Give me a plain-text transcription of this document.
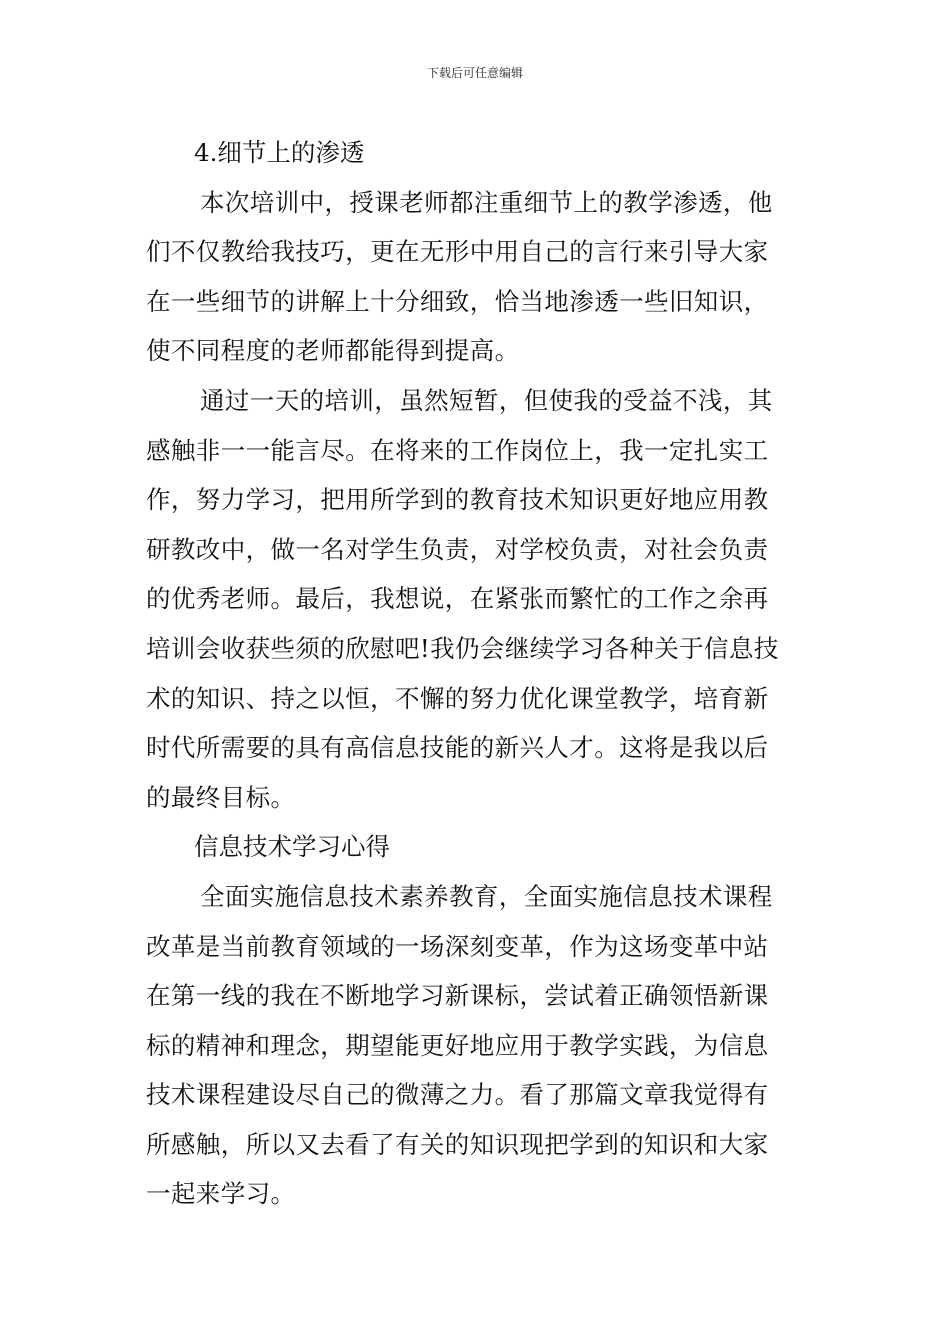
下载后可任意编辑
4.细节上的渗透
本次培训中，授课老师都注重细节上的教学渗透，他
们不仅教给我技巧，更在无形中用自己的言行来引导大家
在一些细节的讲解上十分细致，恰当地渗透一些旧知识，
使不同程度的老师都能得到提高。
通过一天的培训，虽然短暂，但使我的受益不浅，其
感触非一一能言尽。在将来的工作岗位上，我一定扎实工
作，努力学习，把用所学到的教育技术知识更好地应用教
研教改中，做一名对学生负责，对学校负责，对社会负责
的优秀老师。最后，我想说，在紧张而繁忙的工作之余再
培训会收获些须的欣慰吧!我仍会继续学习各种关于信息技
术的知识、持之以恒，不懈的努力优化课堂教学，培育新
时代所需要的具有高信息技能的新兴人才。这将是我以后
的最终目标。
信息技术学习心得
全面实施信息技术素养教育，全面实施信息技术课程
改革是当前教育领域的一场深刻变革，作为这场变革中站
在第一线的我在不断地学习新课标，尝试着正确领悟新课
标的精神和理念，期望能更好地应用于教学实践，为信息
技术课程建设尽自己的微薄之力。看了那篇文章我觉得有
所感触，所以又去看了有关的知识现把学到的知识和大家
一起来学习。
